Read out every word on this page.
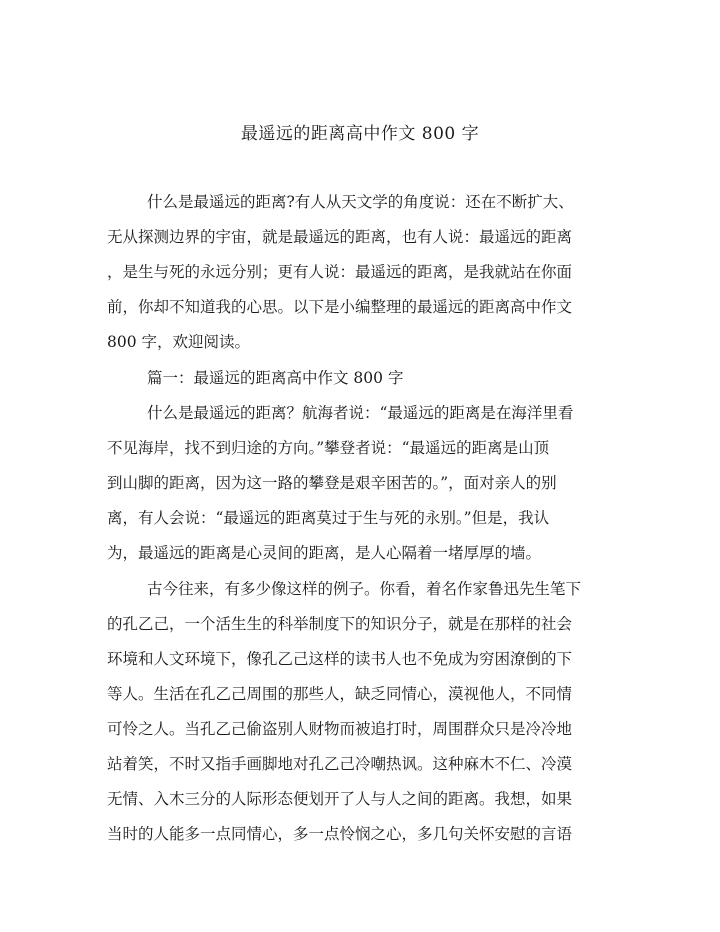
最遥远的距离高中作文 800 字
什么是最遥远的距离?有人从天文学的角度说：还在不断扩大、
无从探测边界的宇宙，就是最遥远的距离，也有人说：最遥远的距离
，是生与死的永远分别；更有人说：最遥远的距离，是我就站在你面
前，你却不知道我的心思。以下是小编整理的最遥远的距离高中作文
800 字，欢迎阅读。
篇一：最遥远的距离高中作文 800 字
什么是最遥远的距离？航海者说：“最遥远的距离是在海洋里看
不见海岸，找不到归途的方向。”攀登者说：“最遥远的距离是山顶
到山脚的距离，因为这一路的攀登是艰辛困苦的。”，面对亲人的别
离，有人会说：“最遥远的距离莫过于生与死的永别。”但是，我认
为，最遥远的距离是心灵间的距离，是人心隔着一堵厚厚的墙。
古今往来，有多少像这样的例子。你看，着名作家鲁迅先生笔下
的孔乙己，一个活生生的科举制度下的知识分子，就是在那样的社会
环境和人文环境下，像孔乙己这样的读书人也不免成为穷困潦倒的下
等人。生活在孔乙己周围的那些人，缺乏同情心，漠视他人，不同情
可怜之人。当孔乙己偷盗别人财物而被追打时，周围群众只是冷冷地
站着笑，不时又指手画脚地对孔乙己冷嘲热讽。这种麻木不仁、冷漠
无情、入木三分的人际形态便划开了人与人之间的距离。我想，如果
当时的人能多一点同情心，多一点怜悯之心，多几句关怀安慰的言语
